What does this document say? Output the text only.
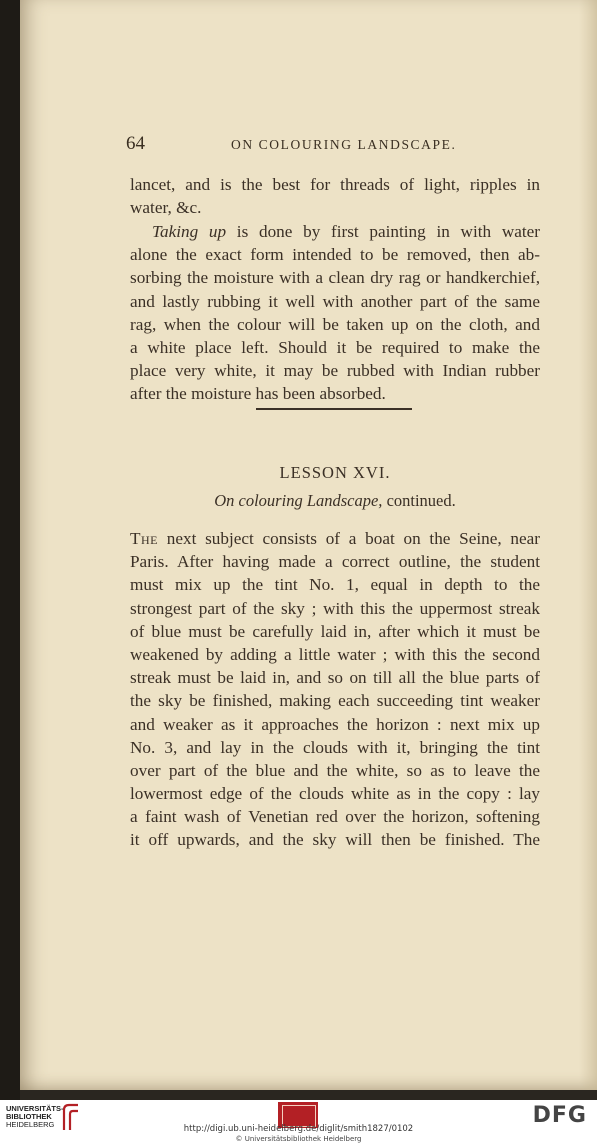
64	ON COLOURING LANDSCAPE.
lancet, and is the best for threads of light, ripples in
water, &c.
Taking up is done by first painting in with water
alone the exact form intended to be removed, then ab-
sorbing the moisture with a clean dry rag or handkerchief,
and lastly rubbing it well with another part of the same
rag, when the colour will be taken up on the cloth, and
a white place left. Should it be required to make the
place very white, it may be rubbed with Indian rubber
after the moisture has been absorbed.
LESSON XVI.
On colouring Landscape, continued.
The next subject consists of a boat on the Seine, near
Paris. After having made a correct outline, the student
must mix up the tint No. 1, equal in depth to the
strongest part of the sky ; with this the uppermost streak
of blue must be carefully laid in, after which it must be
weakened by adding a little water ; with this the second
streak must be laid in, and so on till all the blue parts of
the sky be finished, making each succeeding tint weaker
and weaker as it approaches the horizon : next mix up
No. 3, and lay in the clouds with it, bringing the tint
over part of the blue and the white, so as to leave the
lowermost edge of the clouds white as in the copy : lay
a faint wash of Venetian red over the horizon, softening
it off upwards, and the sky will then be finished. The
UNIVERSITÄTS-
BIBLIOTHEK
HEIDELBERG	DFG
http://digi.ub.uni-heidelberg.de/diglit/smith1827/0102
© Universitätsbibliothek Heidelberg
